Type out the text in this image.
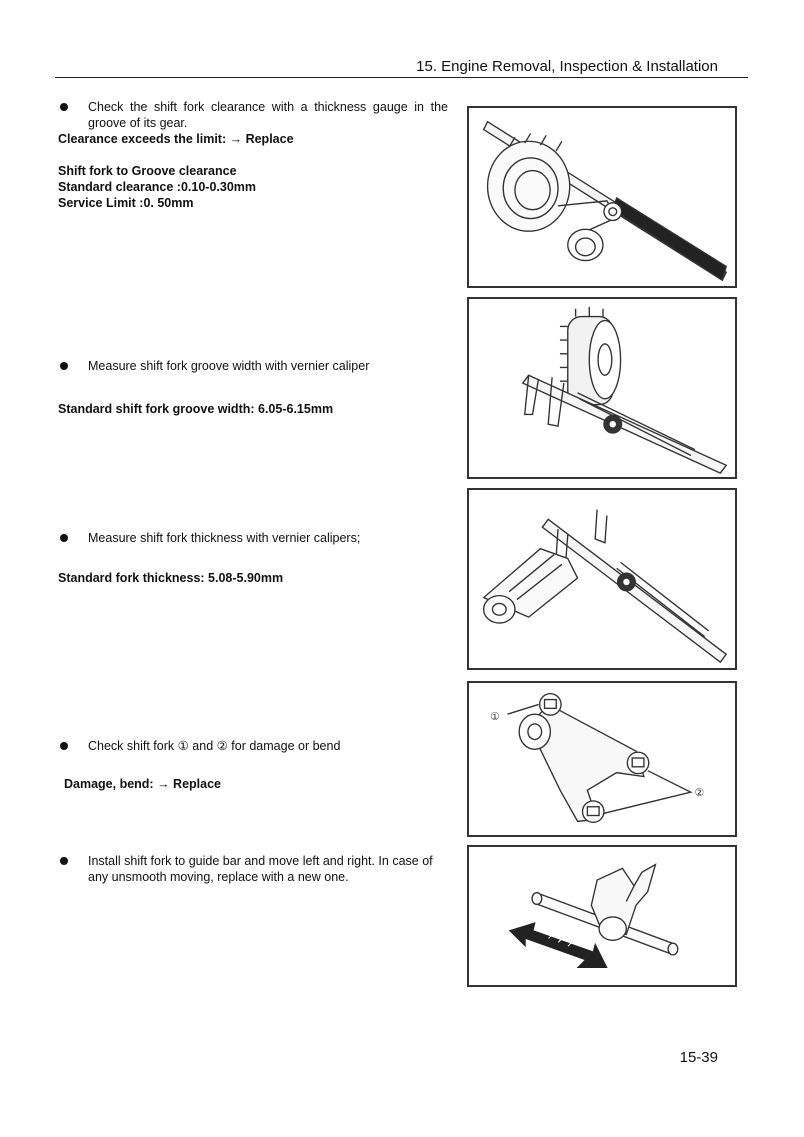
15. Engine Removal, Inspection & Installation
Check the shift fork clearance with a thickness gauge in the groove of its gear.
Clearance exceeds the limit: → Replace
Shift fork to Groove clearance
Standard clearance :0.10-0.30mm
Service Limit :0. 50mm
Measure shift fork groove width with vernier caliper
Standard shift fork groove width: 6.05-6.15mm
Measure shift fork thickness with vernier calipers;
Standard fork thickness: 5.08-5.90mm
Check shift fork ① and ② for damage or bend
Damage, bend: → Replace
Install shift fork to guide bar and move left and right. In case of any unsmooth moving, replace with a new one.
①
②
15-39
